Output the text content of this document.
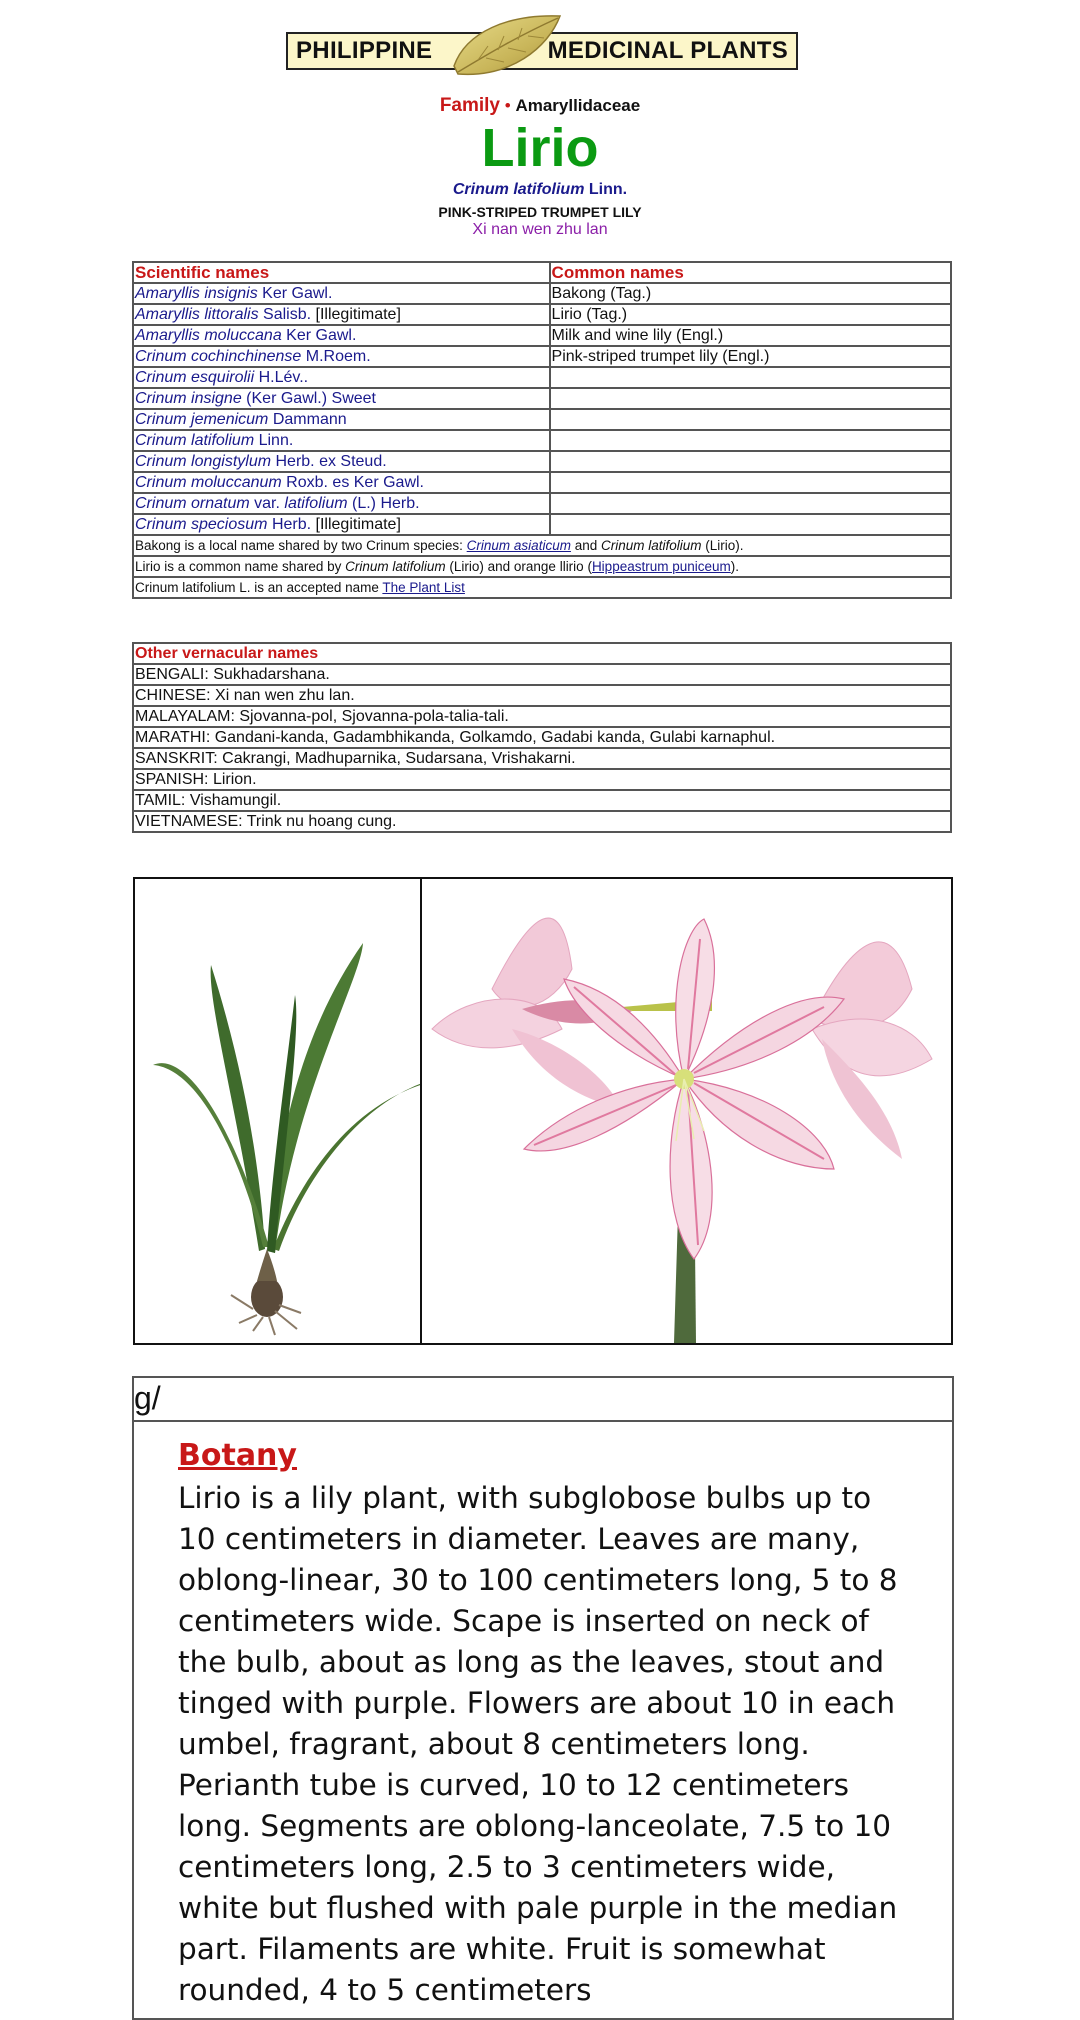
PHILIPPINE	MEDICINAL PLANTS
Family • Amaryllidaceae
Lirio
Crinum latifolium Linn.
PINK-STRIPED TRUMPET LILY
Xi nan wen zhu lan
Scientific names	Common names
Amaryllis insignis Ker Gawl.	Bakong (Tag.)
Amaryllis littoralis Salisb. [Illegitimate]	Lirio (Tag.)
Amaryllis moluccana Ker Gawl.	Milk and wine lily (Engl.)
Crinum cochinchinense M.Roem.	Pink-striped trumpet lily (Engl.)
Crinum esquirolii H.Lév..	
Crinum insigne (Ker Gawl.) Sweet	
Crinum jemenicum Dammann	
Crinum latifolium Linn.	
Crinum longistylum Herb. ex Steud.	
Crinum moluccanum Roxb. es Ker Gawl.	
Crinum ornatum var. latifolium (L.) Herb.	
Crinum speciosum Herb. [Illegitimate]	
Bakong is a local name shared by two Crinum species: Crinum asiaticum and Crinum latifolium (Lirio).	
Lirio is a common name shared by Crinum latifolium (Lirio) and orange llirio (Hippeastrum puniceum).	
Crinum latifolium L. is an accepted name The Plant List	
Other vernacular names
BENGALI: Sukhadarshana.
CHINESE: Xi nan wen zhu lan.
MALAYALAM: Sjovanna-pol, Sjovanna-pola-talia-tali.
MARATHI: Gandani-kanda, Gadambhikanda, Golkamdo, Gadabi kanda, Gulabi karnaphul.
SANSKRIT: Cakrangi, Madhuparnika, Sudarsana, Vrishakarni.
SPANISH: Lirion.
TAMIL: Vishamungil.
VIETNAMESE: Trink nu hoang cung.
g/
Botany
Lirio is a lily plant, with subglobose bulbs up to 10 centimeters in diameter. Leaves are many, oblong-linear, 30 to 100 centimeters long, 5 to 8 centimeters wide. Scape is inserted on neck of the bulb, about as long as the leaves, stout and tinged with purple. Flowers are about 10 in each umbel, fragrant, about 8 centimeters long. Perianth tube is curved, 10 to 12 centimeters long. Segments are oblong-lanceolate, 7.5 to 10 centimeters long, 2.5 to 3 centimeters wide, white but flushed with pale purple in the median part. Filaments are white. Fruit is somewhat rounded, 4 to 5 centimeters
